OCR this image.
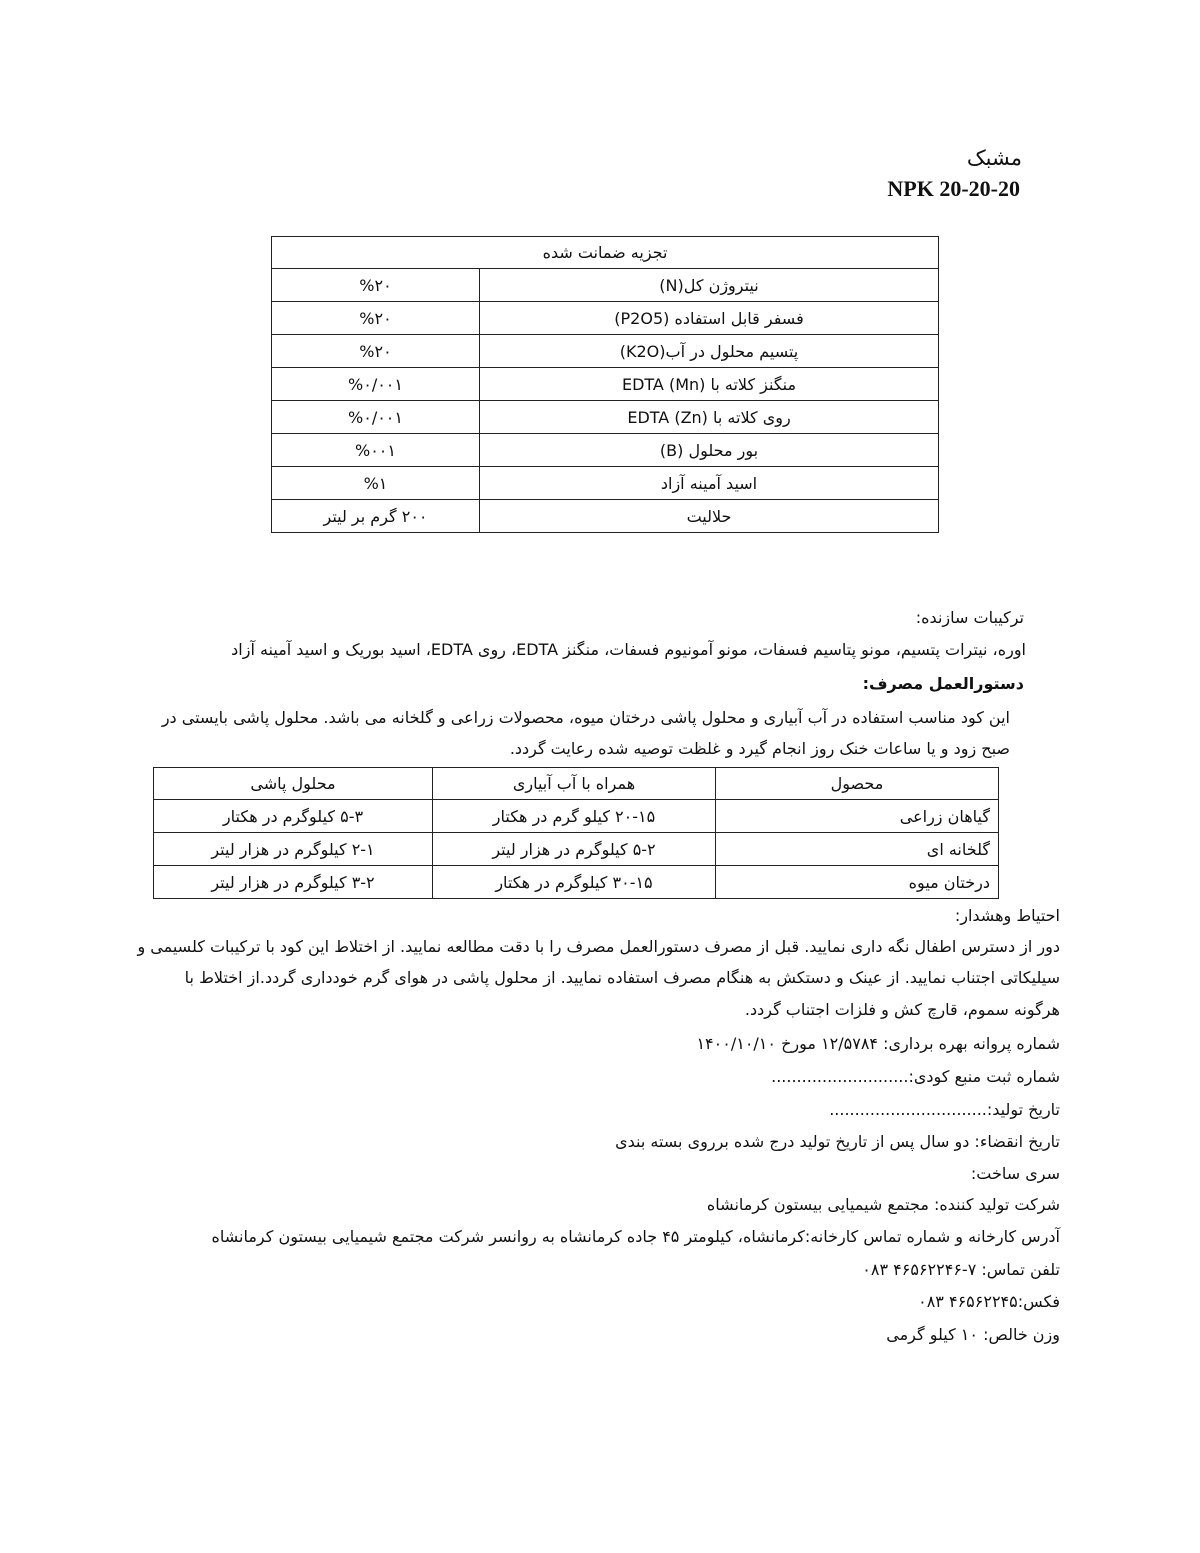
مشبک
NPK 20-20-20
تجزیه ضمانت شده	
نیتروژن کل(N)	%۲۰
فسفر قابل استفاده (P2O5)	%۲۰
پتسیم محلول در آب(K2O)	%۲۰
منگنز کلاته با EDTA (Mn)	%۰/۰۰۱
روی کلاته با EDTA (Zn)	%۰/۰۰۱
بور محلول (B)	%۰۰۱
اسید آمینه آزاد	%۱
حلالیت	۲۰۰ گرم بر لیتر
ترکیبات سازنده:
اوره، نیترات پتسیم، مونو پتاسیم فسفات، مونو آمونیوم فسفات، منگنز EDTA، روی EDTA، اسید بوریک و اسید آمینه آزاد
دستورالعمل مصرف:
این کود مناسب استفاده در آب آبیاری و محلول پاشی درختان میوه، محصولات زراعی و گلخانه می باشد. محلول پاشی بایستی در
صبح زود و یا ساعات خنک روز انجام گیرد و غلظت توصیه شده رعایت گردد.
محصول	همراه با آب آبیاری	محلول پاشی
گیاهان زراعی	۲۰-۱۵ کیلو گرم در هکتار	۵-۳ کیلوگرم در هکتار
گلخانه ای	۵-۲ کیلوگرم در هزار لیتر	۲-۱ کیلوگرم در هزار لیتر
درختان میوه	۳۰-۱۵ کیلوگرم در هکتار	۳-۲ کیلوگرم در هزار لیتر
احتیاط وهشدار:
دور از دسترس اطفال نگه داری نمایید. قبل از مصرف دستورالعمل مصرف را با دقت مطالعه نمایید. از اختلاط این کود با ترکیبات کلسیمی و
سیلیکاتی اجتناب نمایید. از عینک و دستکش به هنگام مصرف استفاده نمایید. از محلول پاشی در هوای گرم خودداری گردد.از اختلاط با
هرگونه سموم، قارچ کش و فلزات اجتناب گردد.
شماره پروانه بهره برداری: ۱۲/۵۷۸۴ مورخ ۱۴۰۰/۱۰/۱۰
شماره ثبت منبع کودی:...........................
تاریخ تولید:...............................
تاریخ انقضاء: دو سال پس از تاریخ تولید درج شده برروی بسته بندی
سری ساخت:
شرکت تولید کننده: مجتمع شیمیایی بیستون کرمانشاه
آدرس کارخانه و شماره تماس کارخانه:کرمانشاه، کیلومتر ۴۵ جاده کرمانشاه به روانسر شرکت مجتمع شیمیایی بیستون کرمانشاه
تلفن تماس: ۷-۴۶۵۶۲۲۴۶ ۰۸۳
فکس:۴۶۵۶۲۲۴۵ ۰۸۳
وزن خالص: ۱۰ کیلو گرمی
